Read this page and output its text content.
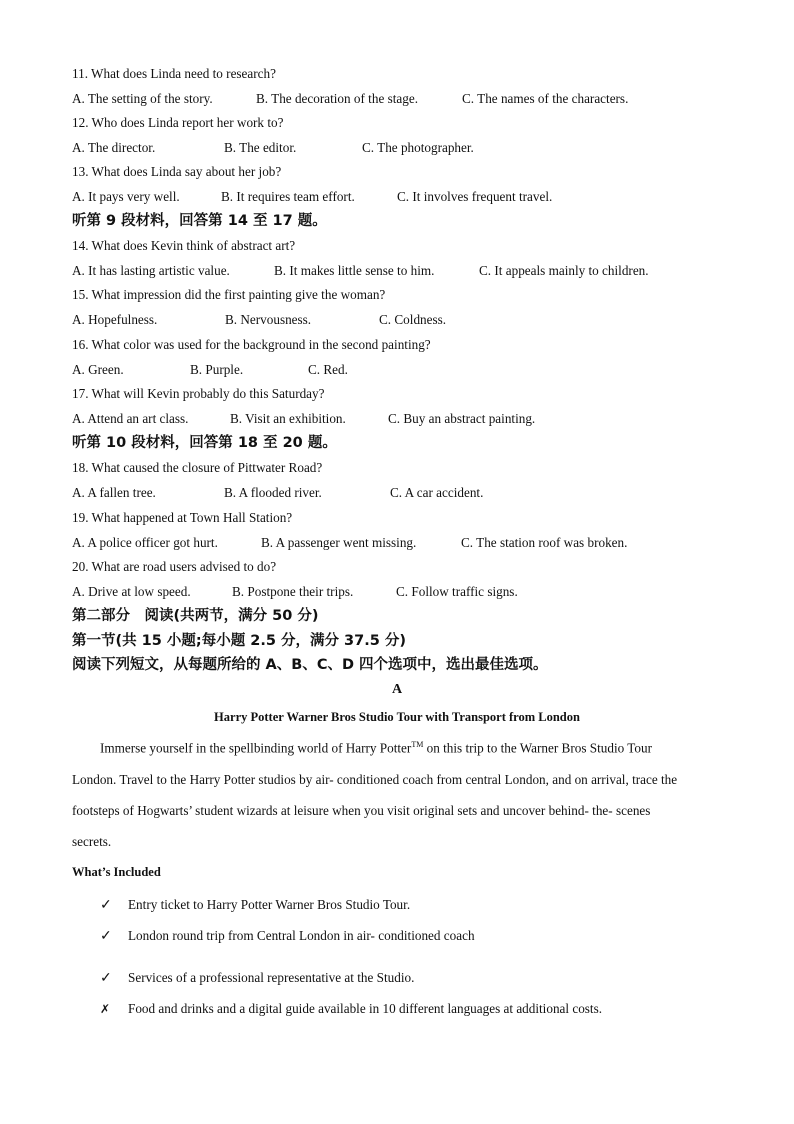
11. What does Linda need to research?
A. The setting of the story.	B. The decoration of the stage.	C. The names of the characters.
12. Who does Linda report her work to?
A. The director.	B. The editor.	C. The photographer.
13. What does Linda say about her job?
A. It pays very well.	B. It requires team effort.	C. It involves frequent travel.
听第 9 段材料，回答第 14 至 17 题。
14. What does Kevin think of abstract art?
A. It has lasting artistic value.	B. It makes little sense to him.	C. It appeals mainly to children.
15. What impression did the first painting give the woman?
A. Hopefulness.	B. Nervousness.	C. Coldness.
16. What color was used for the background in the second painting?
A. Green.	B. Purple.	C. Red.
17. What will Kevin probably do this Saturday?
A. Attend an art class.	B. Visit an exhibition.	C. Buy an abstract painting.
听第 10 段材料，回答第 18 至 20 题。
18. What caused the closure of Pittwater Road?
A. A fallen tree.	B. A flooded river.	C. A car accident.
19. What happened at Town Hall Station?
A. A police officer got hurt.	B. A passenger went missing.	C. The station roof was broken.
20. What are road users advised to do?
A. Drive at low speed.	B. Postpone their trips.	C. Follow traffic signs.
第二部分　阅读(共两节，满分 50 分)
第一节(共 15 小题;每小题 2.5 分，满分 37.5 分)
阅读下列短文，从每题所给的 A、B、C、D 四个选项中，选出最佳选项。
A
Harry Potter Warner Bros Studio Tour with Transport from London
Immerse yourself in the spellbinding world of Harry Potter™ on this trip to the Warner Bros Studio Tour
London. Travel to the Harry Potter studios by air- conditioned coach from central London, and on arrival, trace the
footsteps of Hogwarts’ student wizards at leisure when you visit original sets and uncover behind- the- scenes
secrets.
What’s Included
✓ Entry ticket to Harry Potter Warner Bros Studio Tour.
✓ London round trip from Central London in air- conditioned coach
✓ Services of a professional representative at the Studio.
✗ Food and drinks and a digital guide available in 10 different languages at additional costs.
